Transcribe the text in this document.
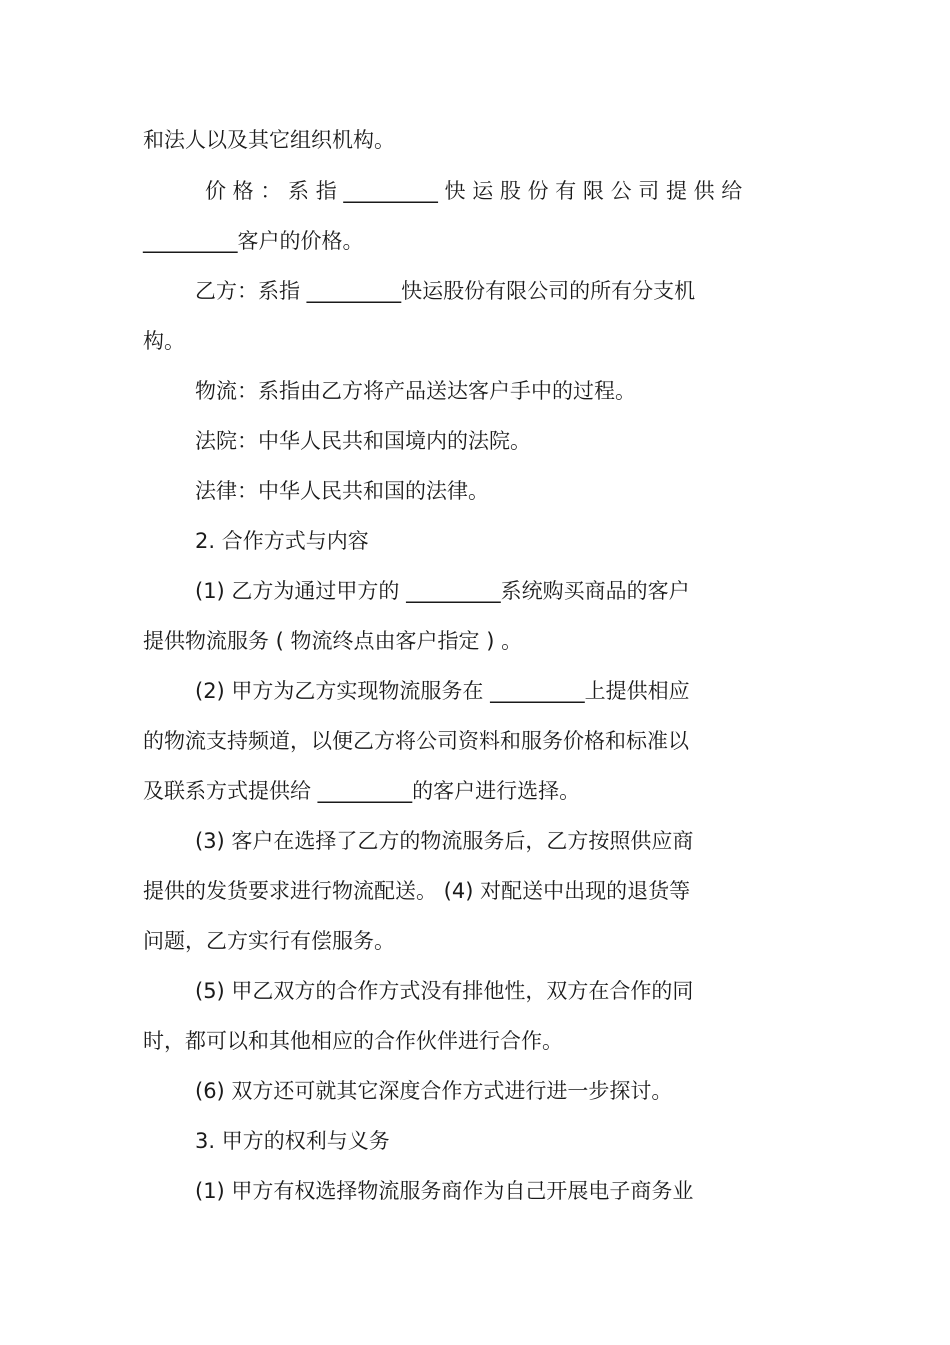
和法人以及其它组织机构。
价 格 ： 系 指 _________ 快 运 股 份 有 限 公 司 提 供 给
_________客户的价格。
乙方：系指 _________快运股份有限公司的所有分支机
构。
物流：系指由乙方将产品送达客户手中的过程。
法院：中华人民共和国境内的法院。
法律：中华人民共和国的法律。
2. 合作方式与内容
(1) 乙方为通过甲方的 _________系统购买商品的客户
提供物流服务 ( 物流终点由客户指定 ) 。
(2) 甲方为乙方实现物流服务在 _________上提供相应
的物流支持频道，以便乙方将公司资料和服务价格和标准以
及联系方式提供给 _________的客户进行选择。
(3) 客户在选择了乙方的物流服务后，乙方按照供应商
提供的发货要求进行物流配送。 (4) 对配送中出现的退货等
问题，乙方实行有偿服务。
(5) 甲乙双方的合作方式没有排他性，双方在合作的同
时，都可以和其他相应的合作伙伴进行合作。
(6) 双方还可就其它深度合作方式进行进一步探讨。
3. 甲方的权利与义务
(1) 甲方有权选择物流服务商作为自己开展电子商务业
